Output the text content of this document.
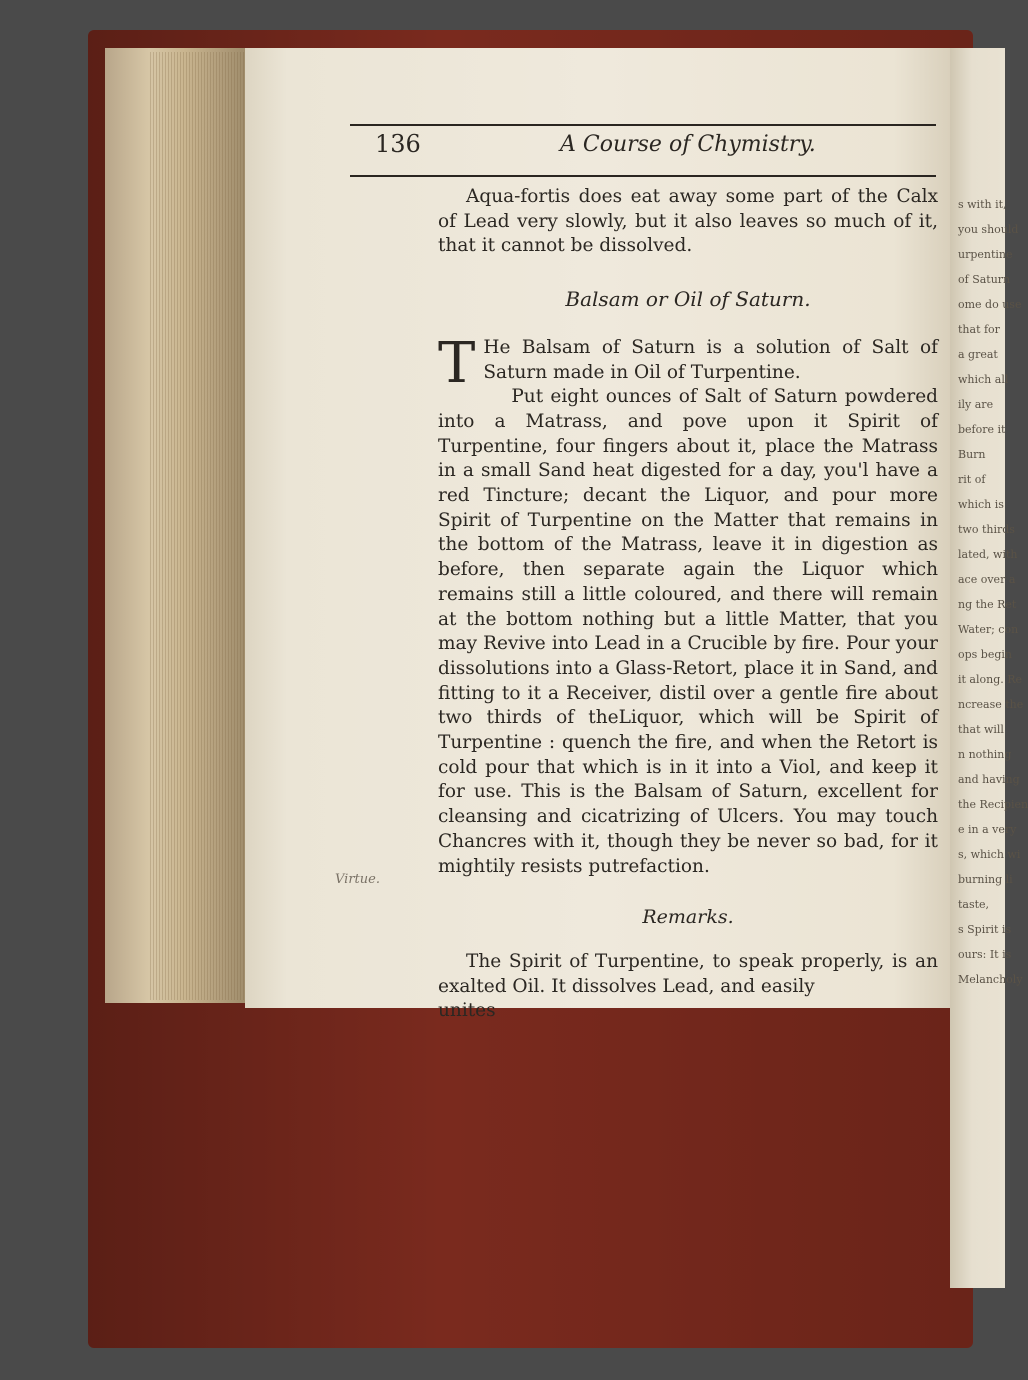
s with it,
you should
urpentine
of Saturn
ome do use
that for
a great
which all
ily are
before it
Burn
rit of
which is
two thirds
lated, with
ace over a
ng the Ret
Water; con
ops begin
it along. Re
ncrease the
that will
n nothing
and having
the Recipien
e in a very
s, which wi
burning li
taste,
s Spirit is
ours: It is
Melancholy
136	A Course of Chymistry.
Virtue.

Aqua-fortis does eat away some part of the Calx of Lead very slowly, but it also leaves so much of it, that it cannot be dissolved.

Balsam or Oil of Saturn.

T He Balsam of Saturn is a solution of Salt of Saturn made in Oil of Turpentine.

Put eight ounces of Salt of Saturn powdered into a Matrass, and pove upon it Spirit of Turpentine, four fingers about it, place the Matrass in a small Sand heat digested for a day, you'l have a red Tincture; decant the Liquor, and pour more Spirit of Turpentine on the Matter that remains in the bottom of the Matrass, leave it in digestion as before, then separate again the Liquor which remains still a little coloured, and there will remain at the bottom nothing but a little Matter, that you may Revive into Lead in a Crucible by fire. Pour your dissolutions into a Glass-Retort, place it in Sand, and fitting to it a Receiver, distil over a gentle fire about two thirds of theLiquor, which will be Spirit of Turpentine : quench the fire, and when the Retort is cold pour that which is in it into a Viol, and keep it for use. This is the Balsam of Saturn, excellent for cleansing and cicatrizing of Ulcers. You may touch Chancres with it, though they be never so bad, for it mightily resists putrefaction.

Remarks.

The Spirit of Turpentine, to speak properly, is an exalted Oil. It dissolves Lead, and easily

unites
